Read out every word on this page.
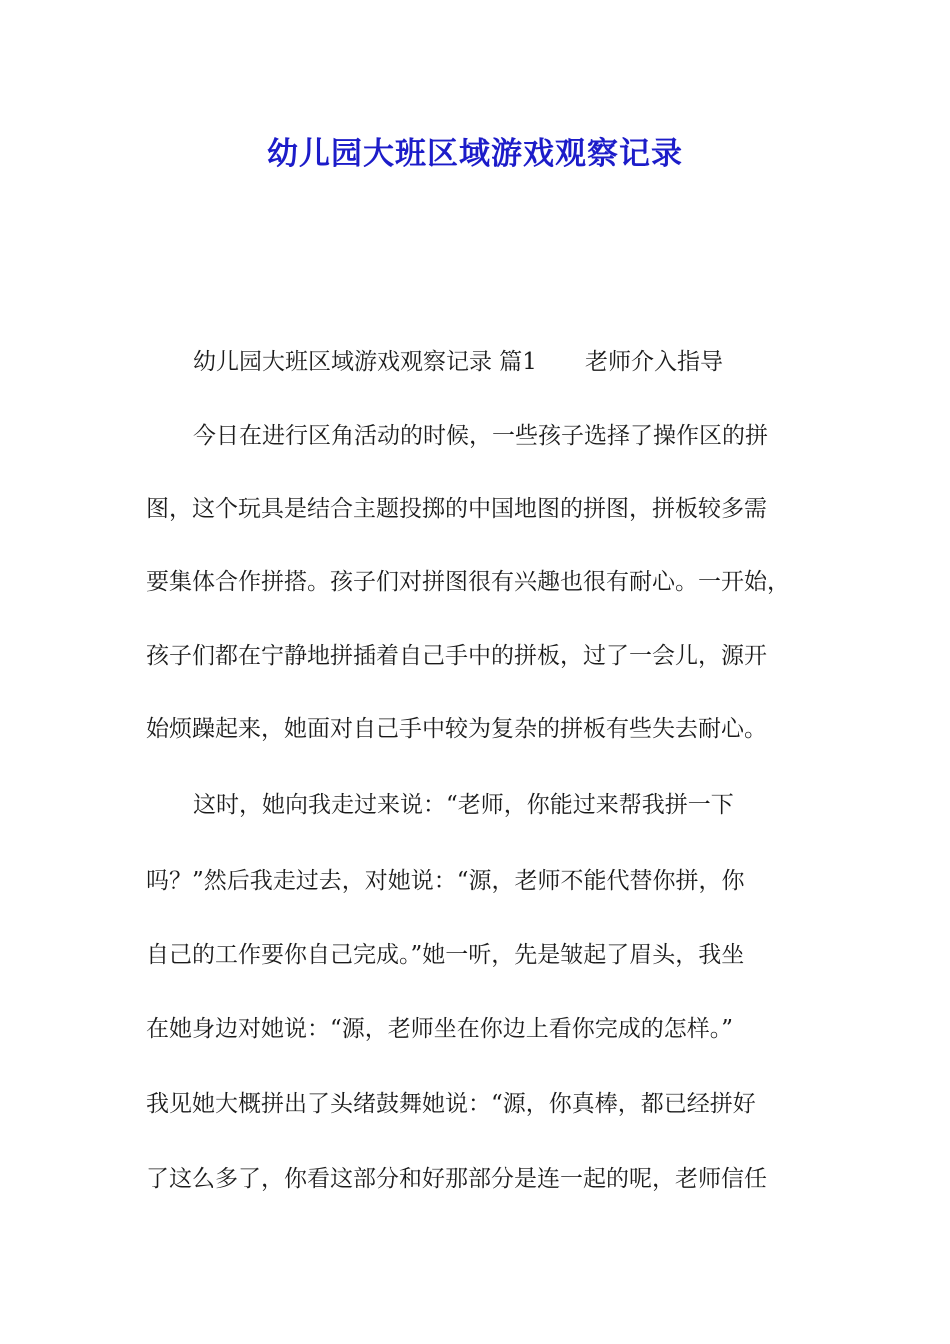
幼儿园大班区域游戏观察记录

幼儿园大班区域游戏观察记录 篇1 老师介入指导

今日在进行区角活动的时候，一些孩子选择了操作区的拼

图，这个玩具是结合主题投掷的中国地图的拼图，拼板较多需

要集体合作拼搭。孩子们对拼图很有兴趣也很有耐心。一开始，

孩子们都在宁静地拼插着自己手中的拼板，过了一会儿，源开

始烦躁起来，她面对自己手中较为复杂的拼板有些失去耐心。

这时，她向我走过来说：“老师，你能过来帮我拼一下

吗？”然后我走过去，对她说：“源，老师不能代替你拼，你

自己的工作要你自己完成。”她一听，先是皱起了眉头，我坐

在她身边对她说：“源，老师坐在你边上看你完成的怎样。”

我见她大概拼出了头绪鼓舞她说：“源，你真棒，都已经拼好

了这么多了，你看这部分和好那部分是连一起的呢，老师信任
